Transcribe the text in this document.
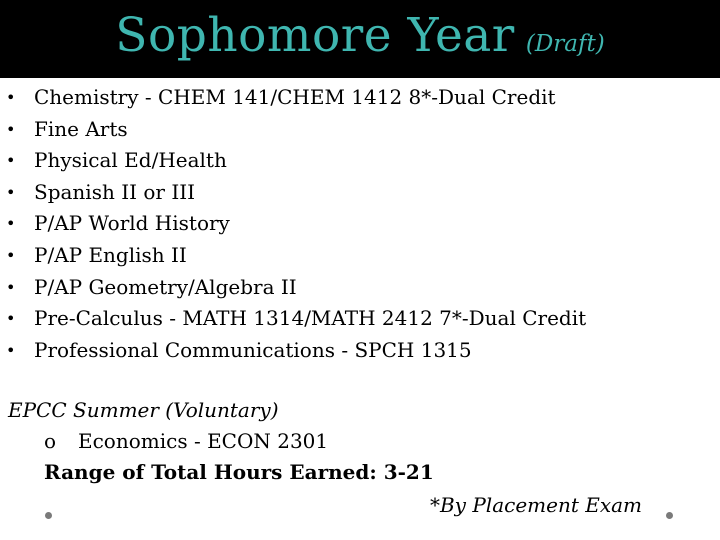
Sophomore Year (Draft)
• Chemistry - CHEM 141/CHEM 1412 8*-Dual Credit
• Fine Arts
• Physical Ed/Health
• Spanish II or III
• P/AP World History
• P/AP English II
• P/AP Geometry/Algebra II
• Pre-Calculus - MATH 1314/MATH 2412 7*-Dual Credit
• Professional Communications - SPCH 1315
EPCC Summer (Voluntary)
o Economics - ECON 2301
Range of Total Hours Earned: 3-21
*By Placement Exam
